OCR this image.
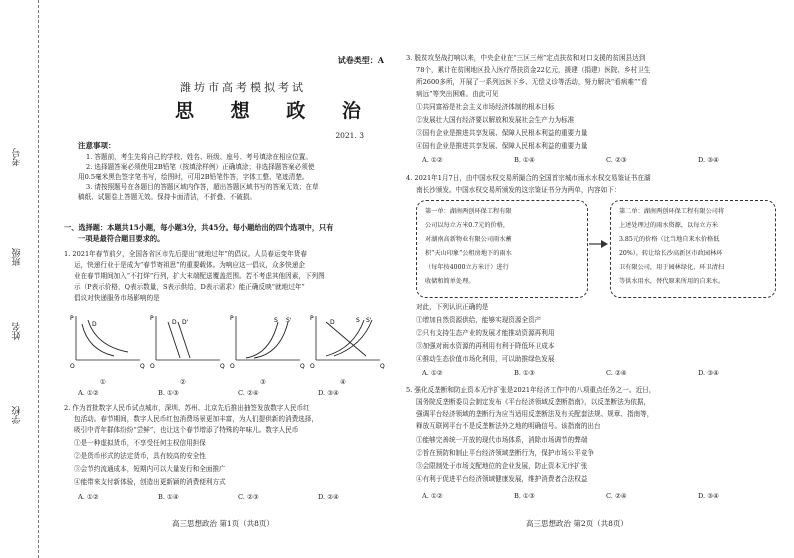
考号
班级
姓名
学校
试卷类型：A
潍坊市高考模拟考试
思 想 政 治
2021. 3
注意事项：
1. 答题前，考生先将自己的学校、姓名、班级、座号、考号填涂在相应位置。
2. 选择题答案必须使用2B铅笔（按填涂样例）正确填涂；非选择题答案必须使
用0.5毫米黑色签字笔书写，绘图时，可用2B铅笔作答，字体工整、笔迹清楚。
3. 请按照题号在各题目的答题区域内作答，超出答题区域书写的答案无效；在草
稿纸、试题卷上答题无效。保持卡面清洁，不折叠、不破损。
一、选择题：本题共15小题，每小题3分，共45分。每小题给出的四个选项中，只有
一项是最符合题目要求的。
1. 2021年春节前夕，全国各省区市先后提出“就地过年”的倡议。人员春运变年货春
运，快递行业于是成为“春节寄祖思”的重要载体。为响应这一倡议，众多快递企
业在春节期间加入“不打烊”行列，扩大末端配送覆盖范围。若不考虑其他因素，下列图
示（P表示价格，Q表示数量，S表示供给，D表示需求）能正确反映“就地过年”
倡议对快递服务市场影响的是
P
O	Q
D
P
O	Q
D D'
P
O	Q
S S'	P
O	Q
S S'
D
①	②	③	④
A. ①②	B. ①③	C. ②④	D. ③④
2. 作为首批数字人民币试点城市，深圳、苏州、北京先后推出抽签发放数字人民币红
包活动。春节期间，数字人民币红包消费场景更加丰富，为人们提供新的消费选择，
吸引中青年群体纷纷“尝鲜”，也让这个春节增添了特殊的年味儿。数字人民币
①是一种虚拟货币，不享受任何主权信用担保
②是货币形式的法定货币，具有较高的安全性
③会节约流通成本，短期内可以大量发行和全面推广
④能带来支付新体验，创造出更新颖的消费便利方式
A. ①②	B. ①④	C. ②③	D. ②④
高三思想政治 第1页（共8页）
3. 脱贫攻坚战打响以来，中央企业在“三区三州”定点扶贫和对口支援的贫困县达到
78个，累计在贫困地区投入医疗帮扶资金22亿元，援建（捐建）医院、乡村卫生
所2600多所，开展了一系列远医下乡、无偿义诊等活动，努力解决“看病难”“看
病远”等突出困难。由此可见
①共同富裕是社会主义市场经济体制的根本目标
②发展壮大国有经济要以解放和发展社会生产力为标准
③国有企业是推进共享发展、保障人民根本利益的重要力量
④国有企业是推进共享发展、保障人民根本利益的重要力量
A. ①②	B. ①④	C. ②③	D. ③④
4. 2021年1月7日，由中国水权交易所撮合的全国首宗城市雨水水权交易鉴证书在湖
南长沙颁发。中国水权交易所颁发的这宗鉴证书分为两单，内容如下：
第一单：湖南两创环保工程有限
公司以每立方米0.7元的价格，
对湖南高新物业有限公司雨水蓄
积“天山印象”公租房地下的雨水
（每年按4000立方米计）进行
收储和简单处理。
第二单：湖南两创环保工程有限公司将
上述处理过的雨水资源，以每立方米
3.85元的价格（比当地自来水价格低
20%），转让给长沙高新区市政园林环
卫有限公司，用于园林绿化、环卫清扫
等供水用水，替代原来所用的自来水。
对此，下列认识正确的是
①增加自然资源供给，能够实现资源全资产
②只有支持生态产业的发展才能推动资源再利用
③加强对雨水资源的再利用有利于降低环卫成本
④推动生态价值市场化利用，可以助推绿色发展
A. ①②	B. ①③	C. ②④	D. ③④
5. 强化反垄断和防止资本无序扩张是2021年经济工作中的八项重点任务之一。近日，
国务院反垄断委员会制定发布《平台经济领域反垄断指南》，以反垄断法为依据，
强调平台经济领域的垄断行为应当适用反垄断法及有关配套法规、规章、指南等，
释放互联网平台不是反垄断法外之地的明确信号。该指南的出台
①能够完善统一开放的现代市场体系，消除市场调节的弊端
②旨在预防和制止平台经济领域垄断行为，保护市场公平竞争
③会限制处于市场支配地位的企业发展，防止资本无序扩张
④有利于促进平台经济领域健康发展，维护消费者合法权益
A. ①②	B. ①③	C. ②④	D. ③④
高三思想政治 第2页（共8页）
